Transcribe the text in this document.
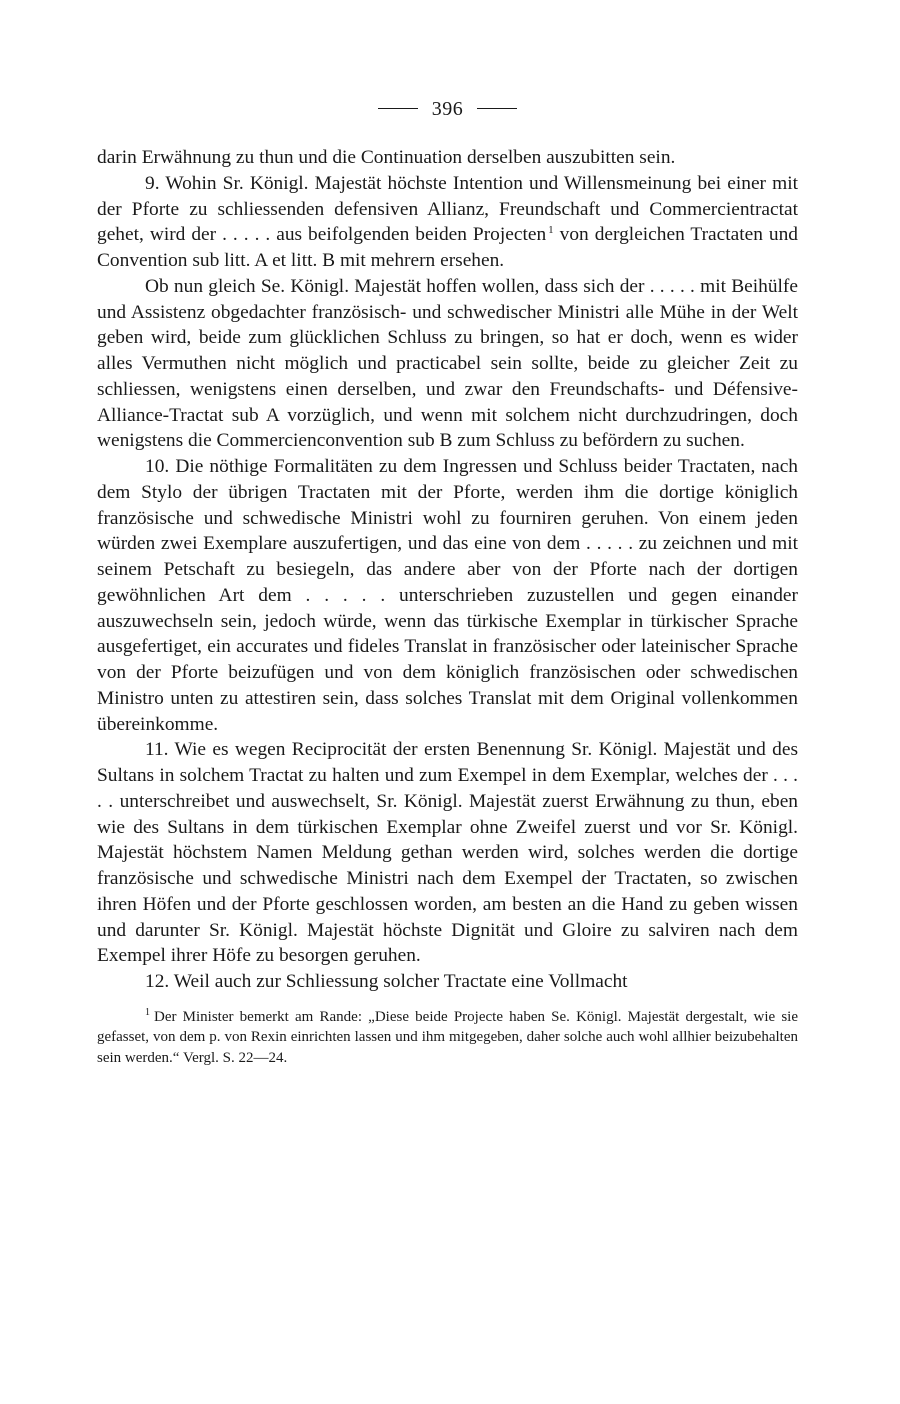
396

darin Erwähnung zu thun und die Continuation derselben auszubitten sein.

9. Wohin Sr. Königl. Majestät höchste Intention und Willensmeinung bei einer mit der Pforte zu schliessenden defensiven Allianz, Freundschaft und Commercientractat gehet, wird der . . . . . aus beifolgenden beiden Projecten $^1$ von dergleichen Tractaten und Convention sub litt. A et litt. B mit mehrern ersehen.

Ob nun gleich Se. Königl. Majestät hoffen wollen, dass sich der . . . . . mit Beihülfe und Assistenz obgedachter französisch- und schwedischer Ministri alle Mühe in der Welt geben wird, beide zum glücklichen Schluss zu bringen, so hat er doch, wenn es wider alles Vermuthen nicht möglich und practicabel sein sollte, beide zu gleicher Zeit zu schliessen, wenigstens einen derselben, und zwar den Freundschafts- und Défensive-Alliance-Tractat sub A vorzüglich, und wenn mit solchem nicht durchzudringen, doch wenigstens die Commercienconvention sub B zum Schluss zu befördern zu suchen.

10. Die nöthige Formalitäten zu dem Ingressen und Schluss beider Tractaten, nach dem Stylo der übrigen Tractaten mit der Pforte, werden ihm die dortige königlich französische und schwedische Ministri wohl zu fourniren geruhen. Von einem jeden würden zwei Exemplare auszufertigen, und das eine von dem . . . . . zu zeichnen und mit seinem Petschaft zu besiegeln, das andere aber von der Pforte nach der dortigen gewöhnlichen Art dem . . . . . unterschrieben zuzustellen und gegen einander auszuwechseln sein, jedoch würde, wenn das türkische Exemplar in türkischer Sprache ausgefertiget, ein accurates und fideles Translat in französischer oder lateinischer Sprache von der Pforte beizufügen und von dem königlich französischen oder schwedischen Ministro unten zu attestiren sein, dass solches Translat mit dem Original vollenkommen übereinkomme.

11. Wie es wegen Reciprocität der ersten Benennung Sr. Königl. Majestät und des Sultans in solchem Tractat zu halten und zum Exempel in dem Exemplar, welches der . . . . . unterschreibet und auswechselt, Sr. Königl. Majestät zuerst Erwähnung zu thun, eben wie des Sultans in dem türkischen Exemplar ohne Zweifel zuerst und vor Sr. Königl. Majestät höchstem Namen Meldung gethan werden wird, solches werden die dortige französische und schwedische Ministri nach dem Exempel der Tractaten, so zwischen ihren Höfen und der Pforte geschlossen worden, am besten an die Hand zu geben wissen und darunter Sr. Königl. Majestät höchste Dignität und Gloire zu salviren nach dem Exempel ihrer Höfe zu besorgen geruhen.

12. Weil auch zur Schliessung solcher Tractate eine Vollmacht

$^1$ Der Minister bemerkt am Rande: „Diese beide Projecte haben Se. Königl. Majestät dergestalt, wie sie gefasset, von dem p. von Rexin einrichten lassen und ihm mitgegeben, daher solche auch wohl allhier beizubehalten sein werden.“ Vergl. S. 22—24.
